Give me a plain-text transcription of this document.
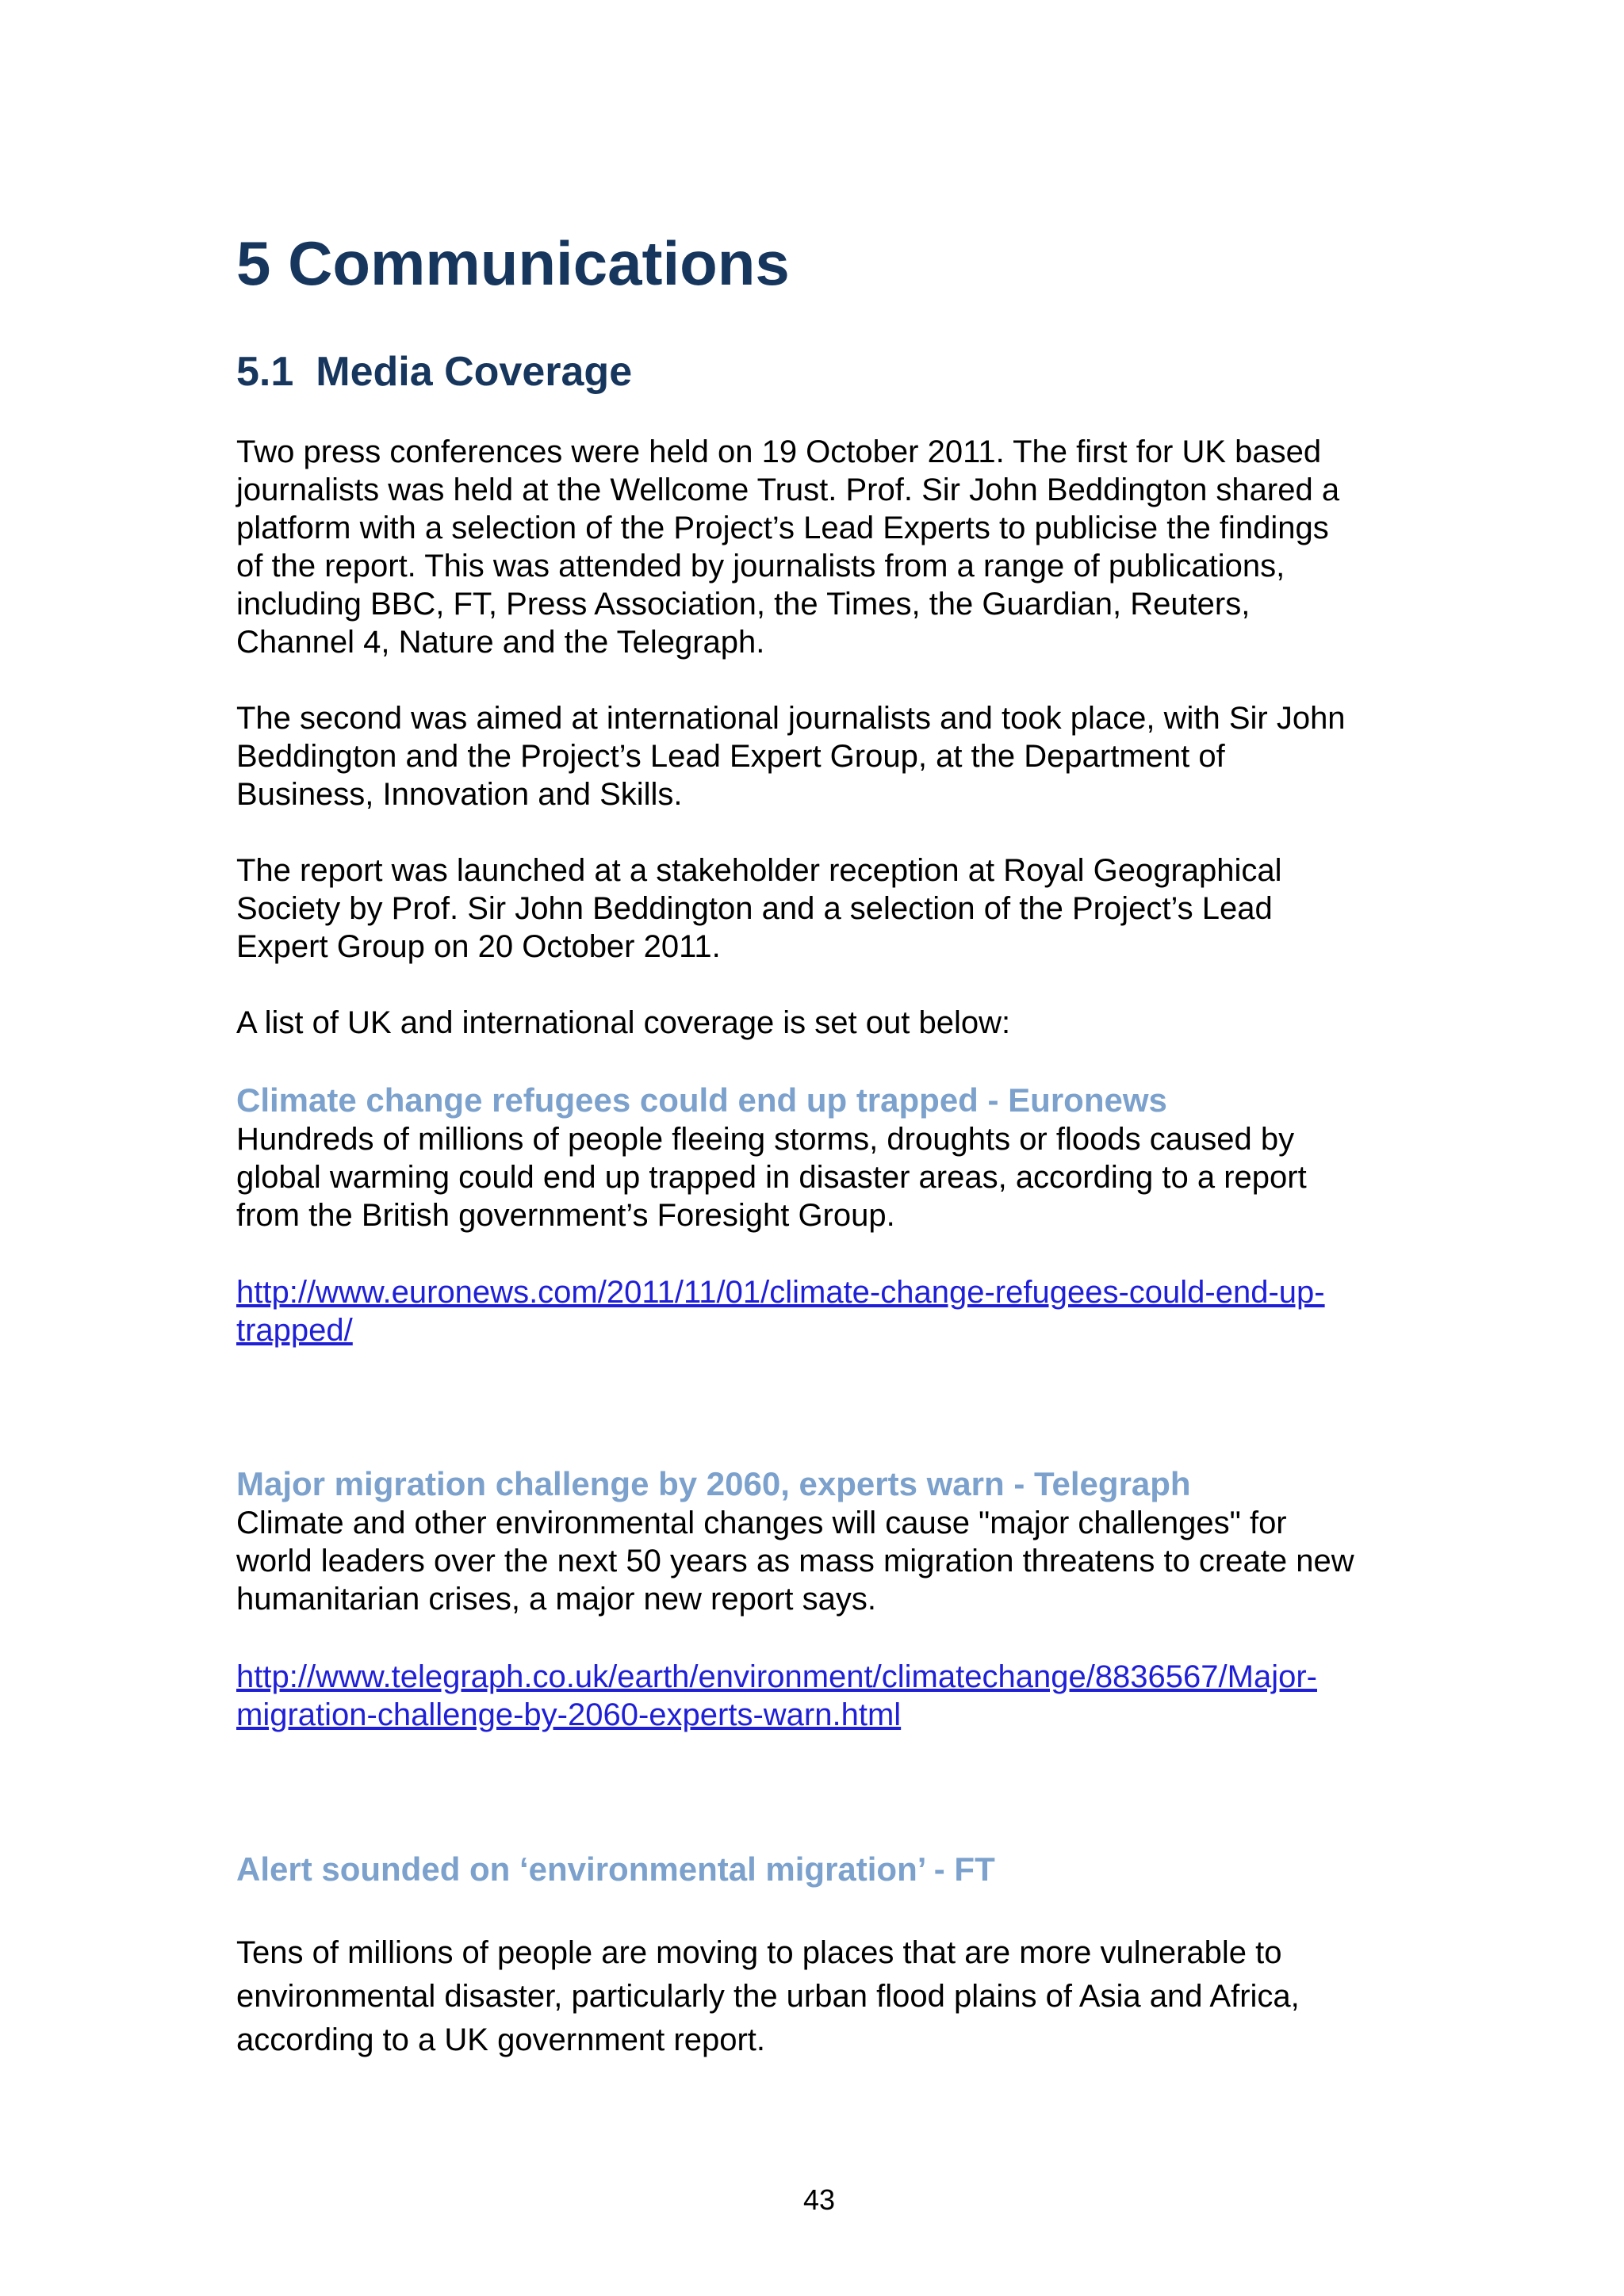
5 Communications
5.1 Media Coverage

Two press conferences were held on 19 October 2011. The first for UK based
journalists was held at the Wellcome Trust. Prof. Sir John Beddington shared a
platform with a selection of the Project’s Lead Experts to publicise the findings
of the report. This was attended by journalists from a range of publications,
including BBC, FT, Press Association, the Times, the Guardian, Reuters,
Channel 4, Nature and the Telegraph.

The second was aimed at international journalists and took place, with Sir John
Beddington and the Project’s Lead Expert Group, at the Department of
Business, Innovation and Skills.

The report was launched at a stakeholder reception at Royal Geographical
Society by Prof. Sir John Beddington and a selection of the Project’s Lead
Expert Group on 20 October 2011.

A list of UK and international coverage is set out below:

Climate change refugees could end up trapped - Euronews

Hundreds of millions of people fleeing storms, droughts or floods caused by
global warming could end up trapped in disaster areas, according to a report
from the British government’s Foresight Group.

http://www.euronews.com/2011/11/01/climate-change-refugees-could-end-up-
trapped/
Major migration challenge by 2060, experts warn - Telegraph

Climate and other environmental changes will cause "major challenges" for
world leaders over the next 50 years as mass migration threatens to create new
humanitarian crises, a major new report says.

http://www.telegraph.co.uk/earth/environment/climatechange/8836567/Major-
migration-challenge-by-2060-experts-warn.html
Alert sounded on ‘environmental migration’ - FT

Tens of millions of people are moving to places that are more vulnerable to
environmental disaster, particularly the urban flood plains of Asia and Africa,
according to a UK government report.

43
